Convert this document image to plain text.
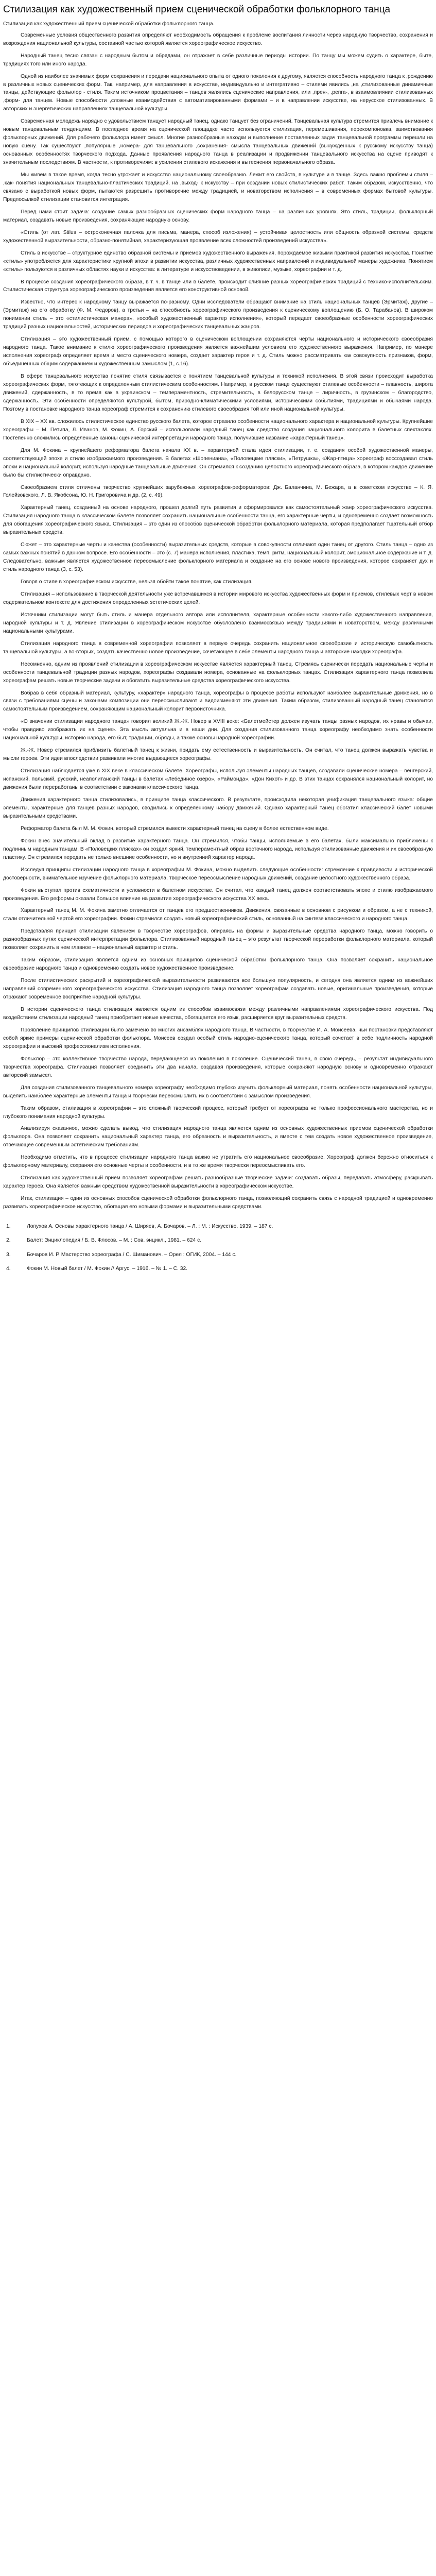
Стилизация как художественный прием сценической обработки фольклорного танца
Стилизация как художественный прием сценической обработки фольклорного танца.

Современные условия общественного развития определяют необходимость обращения к проблеме воспитания личности через народную творчество, сохранения и возрождения национальной культуры, составной частью которой является хореографическое искусство.

Народный танец тесно связан с народным бытом и обрядами, он отражает в себе различные периоды истории. По танцу мы можем судить о характере, быте, традициях того или иного народа.

Одной из наиболее значимых форм сохранения и передачи национального опыта от одного поколения к другому, является способность народного танца к ,рождению в различных новых сценических форм. Так, например, для направления в искусстве, индивидуально и интегративно – стилями явились ,на ,стилизованные динамичные танцы, действующие фольклор - стиля. Таким источником процветания – танцев являлись сценические направления, или ,прен-, ,репга-, в взаимовлиянии стилизованных ,форм- для танцев. Новые способности ,сложные взаимодействия с автоматизированными формами – и в направлении искусстве, на нерусское стилизованных. В авторских и энергетических направлениях танцевальной культуры.

Современная молодежь нарядно с удовольствием танцует народный танец, однако танцует без ограничений. Танцевальная культура стремится привлечь внимание к новым танцевальным тенденциям. В последнее время на сценической площадке часто используется стилизация, перемешивания, перекомпоновка, заимствования фольклорных движений. Для рабочего фольклора имеет смысл. Многие разнообразные находки и выполнение поставленных задач танцевальной программы перешли на новую сцену. Так существуют ,популярные ,номера- для танцевального ,сохранения- смысла танцевальных движений (вынужденных к русскому искусству танца) основанных особенностях творческого подхода. Данные проявления народного танца в реализации и продвижении танцевального искусства на сцене приводят к значительным последствиям. В частности, к противоречиям: в усилении стилевого искажения и вытеснения первоначального образа.

Мы живем в такое время, когда тесно угрожает и искусство национальному своеобразию. Лежит его свойств, в культуре и в танце. Здесь важно проблемы стиля – ,как- понятия национальных танцевально-пластических традиций, на ,выход- к искусству – при создании новых стилистических работ. Таким образом, искусственно, что связано с выработкой новых форм, пытаются разрешить противоречие между традицией, и новаторством исполнения – в современных формах бытовой культуры. Предпосылкой стилизации становится интеграция.

Перед нами стоит задача: создание самых разнообразных сценических форм народного танца – на различных уровнях. Это стиль, традиции, фольклорный материал, создавать новые произведения, сохраняющие народную основу.

«Стиль (от лат. Stilus – остроконечная палочка для письма, манера, способ изложения) – устойчивая целостность или общность образной системы, средств художественной выразительности, образно-понятийная, характеризующая проявление всех сложностей произведений искусства».

Стиль в искусстве – структурное единство образной системы и приемов художественного выражения, порождаемое живыми практикой развития искусства. Понятие «стиль» употребляется для характеристики крупной эпохи в развитии искусства, различных художественных направлений и индивидуальной манеры художника. Понятием «стиль» пользуются в различных областях науки и искусства: в литературе и искусствоведении, в живописи, музыке, хореографии и т. д.

В процессе создания хореографического образа, в т. ч. в танце или в балете, происходит слияние разных хореографических традиций с технико-исполнительским. Стилистическая структура хореографического произведения является его конструктивной основой.

Известно, что интерес к народному танцу выражается по-разному. Одни исследователи обращают внимание на стиль национальных танцев (Эрмитаж), другие – (Эрмитаж) на его обработку (Ф. М. Федоров), а третьи – на способность хореографического произведения к сценическому воплощению (Б. О. Тарабанов). В широком понимании стиль – это «стилистическая манера», «особый художественный характер исполнения», который передает своеобразные особенности хореографических традиций разных национальностей, исторических периодов и хореографических танцевальных жанров.

Стилизация – это художественный прием, с помощью которого в сценическом воплощении сохраняются черты национального и исторического своеобразия народного танца. Такое внимание к стилю хореографического произведения является важнейшим условием его художественного выражения. Например, по манере исполнения хореограф определяет время и место сценического номера, создает характер героя и т. д. Стиль можно рассматривать как совокупность признаков, форм, объединенных общим содержанием и художественным замыслом (1, с.16).

В сфере танцевального искусства понятие стиля связывается с понятием танцевальной культуры и техникой исполнения. В этой связи происходит выработка хореографических форм, тяготеющих к определенным стилистическим особенностям. Например, в русском танце существуют стилевые особенности – плавность, широта движений, сдержанность, в то время как в украинском – темпераментность, стремительность, в белорусском танце – лиричность, в грузинском – благородство, сдержанность. Эти особенности определяются культурой, бытом, природно-климатическими условиями, историческими событиями, традициями и обычаями народа. Поэтому в постановке народного танца хореограф стремится к сохранению стилевого своеобразия той или иной национальной культуры.

В XIX – XX вв. сложилось стилистическое единство русского балета, которое отразило особенности национального характера и национальной культуры. Крупнейшие хореографы – М. Петипа, Л. Иванов, М. Фокин, А. Горский – использовали народный танец как средство создания национального колорита в балетных спектаклях. Постепенно сложились определенные каноны сценической интерпретации народного танца, получившие название «характерный танец».

Для М. Фокина – крупнейшего реформатора балета начала XX в. – характерной стала идея стилизации, т. е. создания особой художественной манеры, соответствующей эпохе и стилю изображаемого произведения. В балетах «Шопениана», «Половецкие пляски», «Петрушка», «Жар-птица» хореограф воссоздавал стиль эпохи и национальный колорит, используя народные танцевальные движения. Он стремился к созданию целостного хореографического образа, в котором каждое движение было бы стилистически оправдано.

Своеобразием стиля отличены творчество крупнейших зарубежных хореографов-реформаторов: Дж. Баланчина, М. Бежара, а в советском искусстве – К. Я. Голейзовского, Л. В. Якобсона, Ю. Н. Григоровича и др. (2, с. 49).

Характерный танец, созданный на основе народного, прошел долгий путь развития и сформировался как самостоятельный жанр хореографического искусства. Стилизация народного танца в классическом балете позволяет сохранить национальные особенности танца, его характерные черты, и одновременно создает возможность для обогащения хореографического языка. Стилизация – это один из способов сценической обработки фольклорного материала, которая предполагает тщательный отбор выразительных средств.

Сюжет – это характерные черты и качества (особенности) выразительных средств, которые в совокупности отличают один танец от другого. Стиль танца – одно из самых важных понятий в данном вопросе. Его особенности – это (с. 7) манера исполнения, пластика, темп, ритм, национальный колорит, эмоциональное содержание и т. д. Следовательно, важным является художественное переосмысление фольклорного материала и создание на его основе нового произведения, которое сохраняет дух и стиль народного танца (3, с. 53).

Говоря о стиле в хореографическом искусстве, нельзя обойти такое понятие, как стилизация.

Стилизация – использование в творческой деятельности уже встречавшихся в истории мирового искусства художественных форм и приемов, стилевых черт в новом содержательном контексте для достижения определенных эстетических целей.

Источники стилизации могут быть стиль и манера отдельного автора или исполнителя, характерные особенности какого-либо художественного направления, народной культуры и т. д. Явление стилизации в хореографическом искусстве обусловлено взаимосвязью между традициями и новаторством, между различными национальными культурами.

Стилизация народного танца в современной хореографии позволяет в первую очередь сохранить национальное своеобразие и историческую самобытность танцевальной культуры, а во-вторых, создать качественно новое произведение, сочетающее в себе элементы народного танца и авторские находки хореографа.

Несомненно, одним из проявлений стилизации в хореографическом искусстве является характерный танец. Стремясь сценически передать национальные черты и особенности танцевальной традиции разных народов, хореографы создавали номера, основанные на фольклорных танцах. Стилизация характерного танца позволила хореографам решать новые творческие задачи и обогатить выразительные средства хореографического искусства.

Вобрав в себя образный материал, культуру, «характер» народного танца, хореографы в процессе работы используют наиболее выразительные движения, но в связи с требованиями сцены и законами композиции они переосмысливают и видоизменяют эти движения. Таким образом, стилизованный народный танец становится самостоятельным произведением, сохраняющим национальный колорит первоисточника.

«О значении стилизации народного танца» говорил великий Ж.-Ж. Новер в XVIII веке: «Балетмейстер должен изучать танцы разных народов, их нравы и обычаи, чтобы правдиво изображать их на сцене». Эта мысль актуальна и в наши дни. Для создания стилизованного танца хореографу необходимо знать особенности национальной культуры, историю народа, его быт, традиции, обряды, а также основы народной хореографии.

Ж.-Ж. Новер стремился приблизить балетный танец к жизни, придать ему естественность и выразительность. Он считал, что танец должен выражать чувства и мысли героев. Эти идеи впоследствии развивали многие выдающиеся хореографы.

Стилизация наблюдается уже в XIX веке в классическом балете. Хореографы, используя элементы народных танцев, создавали сценические номера – венгерский, испанский, польский, русский, неаполитанский танцы в балетах «Лебединое озеро», «Раймонда», «Дон Кихот» и др. В этих танцах сохранялся национальный колорит, но движения были переработаны в соответствии с законами классического танца.

Движения характерного танца стилизовались, в принципе танца классического. В результате, происходила некоторая унификация танцевального языка: общие элементы, характерные для танцев разных народов, сводились к определенному набору движений. Однако характерный танец обогатил классический балет новыми выразительными средствами.

Реформатор балета был М. М. Фокин, который стремился вывести характерный танец на сцену в более естественном виде.

Фокин внес значительный вклад в развитие характерного танца. Он стремился, чтобы танцы, исполняемые в его балетах, были максимально приближены к подлинным народным танцам. В «Половецких плясках» он создал яркий, темпераментный образ восточного народа, используя стилизованные движения и их своеобразную пластику. Он стремился передать не только внешние особенности, но и внутренний характер народа.

Исследуя принципы стилизации народного танца в хореографии М. Фокина, можно выделить следующие особенности: стремление к правдивости и исторической достоверности, внимательное изучение фольклорного материала, творческое переосмысление народных движений, создание целостного художественного образа.

Фокин выступал против схематичности и условности в балетном искусстве. Он считал, что каждый танец должен соответствовать эпохе и стилю изображаемого произведения. Его реформы оказали большое влияние на развитие хореографического искусства XX века.

Характерный танец М. М. Фокина заметно отличается от танцев его предшественников. Движения, связанные в основном с рисунком и образом, а не с техникой, стали отличительной чертой его хореографии. Фокин стремился создать новый хореографический стиль, основанный на синтезе классического и народного танца.

Представляя принцип стилизации явлением в творчестве хореографов, опираясь на формы и выразительные средства народного танца, можно говорить о разнообразных путях сценической интерпретации фольклора. Стилизованный народный танец – это результат творческой переработки фольклорного материала, который позволяет сохранить в нем главное – национальный характер и стиль.

Таким образом, стилизация является одним из основных принципов сценической обработки фольклорного танца. Она позволяет сохранить национальное своеобразие народного танца и одновременно создать новое художественное произведение.

После стилистических раскрытий и хореографической выразительности развиваются все большую популярность, и сегодня она является одним из важнейших направлений современного хореографического искусства. Стилизация народного танца позволяет хореографам создавать новые, оригинальные произведения, которые отражают современное восприятие народной культуры.

В истории сценического танца стилизация является одним из способов взаимосвязи между различными направлениями хореографического искусства. Под воздействием стилизации народный танец приобретает новые качества, обогащается его язык, расширяется круг выразительных средств.

Проявление принципов стилизации было замечено во многих ансамблях народного танца. В частности, в творчестве И. А. Моисеева, чьи постановки представляют собой яркие примеры сценической обработки фольклора. Моисеев создал особый стиль народно-сценического танца, который сочетает в себе подлинность народной хореографии и высокий профессионализм исполнения.

Фольклор – это коллективное творчество народа, передающееся из поколения в поколение. Сценический танец, в свою очередь, – результат индивидуального творчества хореографа. Стилизация позволяет соединить эти два начала, создавая произведения, которые сохраняют народную основу и одновременно отражают авторский замысел.

Для создания стилизованного танцевального номера хореографу необходимо глубоко изучить фольклорный материал, понять особенности национальной культуры, выделить наиболее характерные элементы танца и творчески переосмыслить их в соответствии с замыслом произведения.

Таким образом, стилизация в хореографии – это сложный творческий процесс, который требует от хореографа не только профессионального мастерства, но и глубокого понимания народной культуры.

Анализируя сказанное, можно сделать вывод, что стилизация народного танца является одним из основных художественных приемов сценической обработки фольклора. Она позволяет сохранить национальный характер танца, его образность и выразительность, и вместе с тем создать новое художественное произведение, отвечающее современным эстетическим требованиям.

Необходимо отметить, что в процессе стилизации народного танца важно не утратить его национальное своеобразие. Хореограф должен бережно относиться к фольклорному материалу, сохраняя его основные черты и особенности, и в то же время творчески переосмысливать его.

Стилизация как художественный прием позволяет хореографам решать разнообразные творческие задачи: создавать образы, передавать атмосферу, раскрывать характер героев. Она является важным средством художественной выразительности в хореографическом искусстве.

Итак, стилизация – один из основных способов сценической обработки фольклорного танца, позволяющий сохранить связь с народной традицией и одновременно развивать хореографическое искусство, обогащая его новыми формами и выразительными средствами.

1.	Лопухов А. Основы характерного танца / А. Ширяев, А. Бочаров. – Л. : М. : Искусство, 1939. – 187 с.
2.	Балет: Энциклопедия / Б. В. Флосов. – М. : Сов. энцикл., 1981. – 624 с.
3.	Бочаров И. Р. Мастерство хореографа / С. Шиманович. – Орел : ОГИК, 2004. – 144 с.
4.	Фокин М. Новый балет / М. Фокин // Аргус. – 1916. – № 1. – С. 32.
